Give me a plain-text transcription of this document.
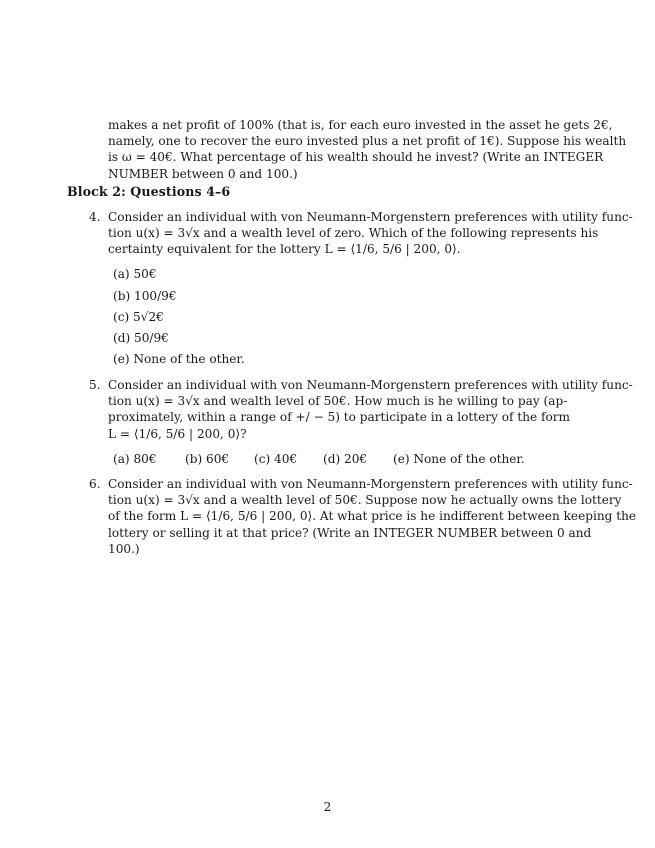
makes a net profit of 100% (that is, for each euro invested in the asset he gets 2€,
namely, one to recover the euro invested plus a net profit of 1€). Suppose his wealth
is ω = 40€. What percentage of his wealth should he invest? (Write an INTEGER
NUMBER between 0 and 100.)
Block 2: Questions 4–6
4. Consider an individual with von Neumann-Morgenstern preferences with utility func-
tion u(x) = 3√x and a wealth level of zero. Which of the following represents his
certainty equivalent for the lottery L = ⟨1/6, 5/6 | 200, 0⟩.
(a) 50€
(b) 100/9€
(c) 5√2€
(d) 50/9€
(e) None of the other.
5. Consider an individual with von Neumann-Morgenstern preferences with utility func-
tion u(x) = 3√x and wealth level of 50€. How much is he willing to pay (ap-
proximately, within a range of +/ − 5) to participate in a lottery of the form
L = ⟨1/6, 5/6 | 200, 0⟩?
(a) 80€ (b) 60€ (c) 40€ (d) 20€ (e) None of the other.
6. Consider an individual with von Neumann-Morgenstern preferences with utility func-
tion u(x) = 3√x and a wealth level of 50€. Suppose now he actually owns the lottery
of the form L = ⟨1/6, 5/6 | 200, 0⟩. At what price is he indifferent between keeping the
lottery or selling it at that price? (Write an INTEGER NUMBER between 0 and
100.)
2
